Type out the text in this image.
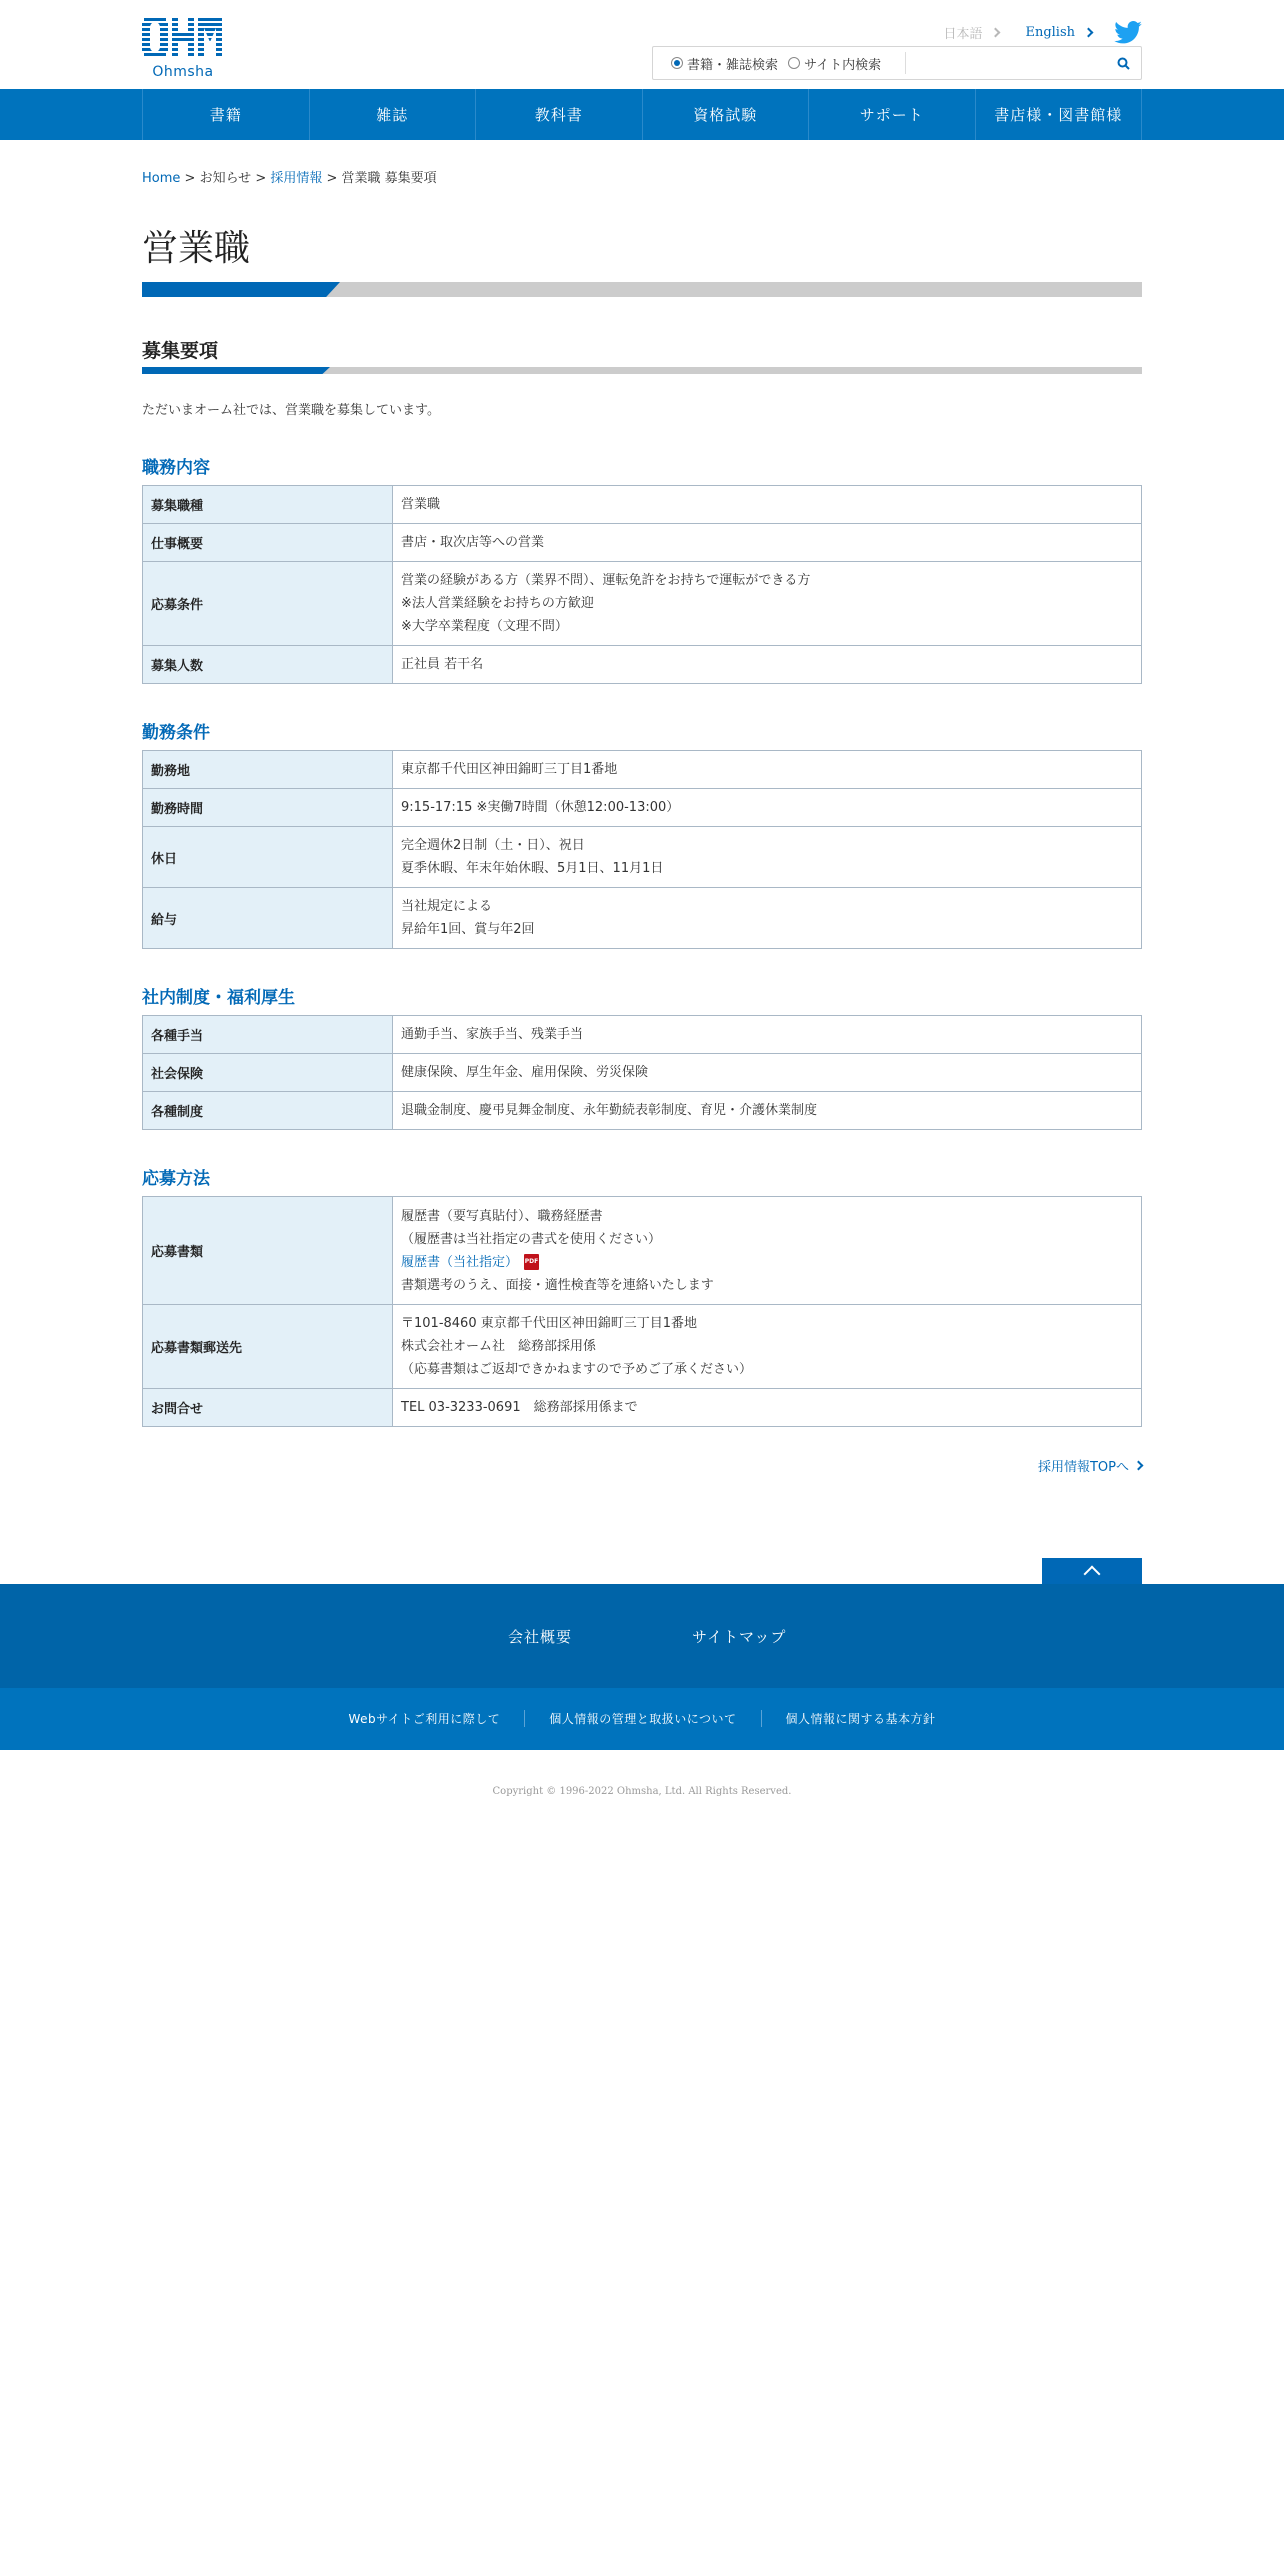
Ohmsha
日本語	English
書籍・雑誌検索 サイト内検索
書籍	雑誌	教科書	資格試験	サポート	書店様・図書館様
Home > お知らせ > 採用情報 > 営業職 募集要項
営業職
募集要項

ただいまオーム社では、営業職を募集しています。

職務内容
募集職種	営業職
仕事概要	書店・取次店等への営業
応募条件	営業の経験がある方（業界不問）、運転免許をお持ちで運転ができる方
※法人営業経験をお持ちの方歓迎
※大学卒業程度（文理不問）

募集人数	正社員 若干名
勤務条件
勤務地	東京都千代田区神田錦町三丁目1番地
勤務時間	9:15-17:15 ※実働7時間（休憩12:00-13:00）
休日	完全週休2日制（土・日）、祝日
夏季休暇、年末年始休暇、5月1日、11月1日

給与	当社規定による
昇給年1回、賞与年2回
社内制度・福利厚生
各種手当	通勤手当、家族手当、残業手当
社会保険	健康保険、厚生年金、雇用保険、労災保険
各種制度	退職金制度、慶弔見舞金制度、永年勤続表彰制度、育児・介護休業制度
応募方法
応募書類	履歴書（要写真貼付）、職務経歴書
（履歴書は当社指定の書式を使用ください）
履歴書（当社指定） PDF
書類選考のうえ、面接・適性検査等を連絡いたします

応募書類郵送先	〒101-8460 東京都千代田区神田錦町三丁目1番地
株式会社オーム社　総務部採用係
（応募書類はご返却できかねますので予めご了承ください）

お問合せ	TEL 03-3233-0691　総務部採用係まで
採用情報TOPへ
会社概要	サイトマップ
Webサイトご利用に際して	個人情報の管理と取扱いについて	個人情報に関する基本方針
Copyright © 1996-2022 Ohmsha, Ltd. All Rights Reserved.
